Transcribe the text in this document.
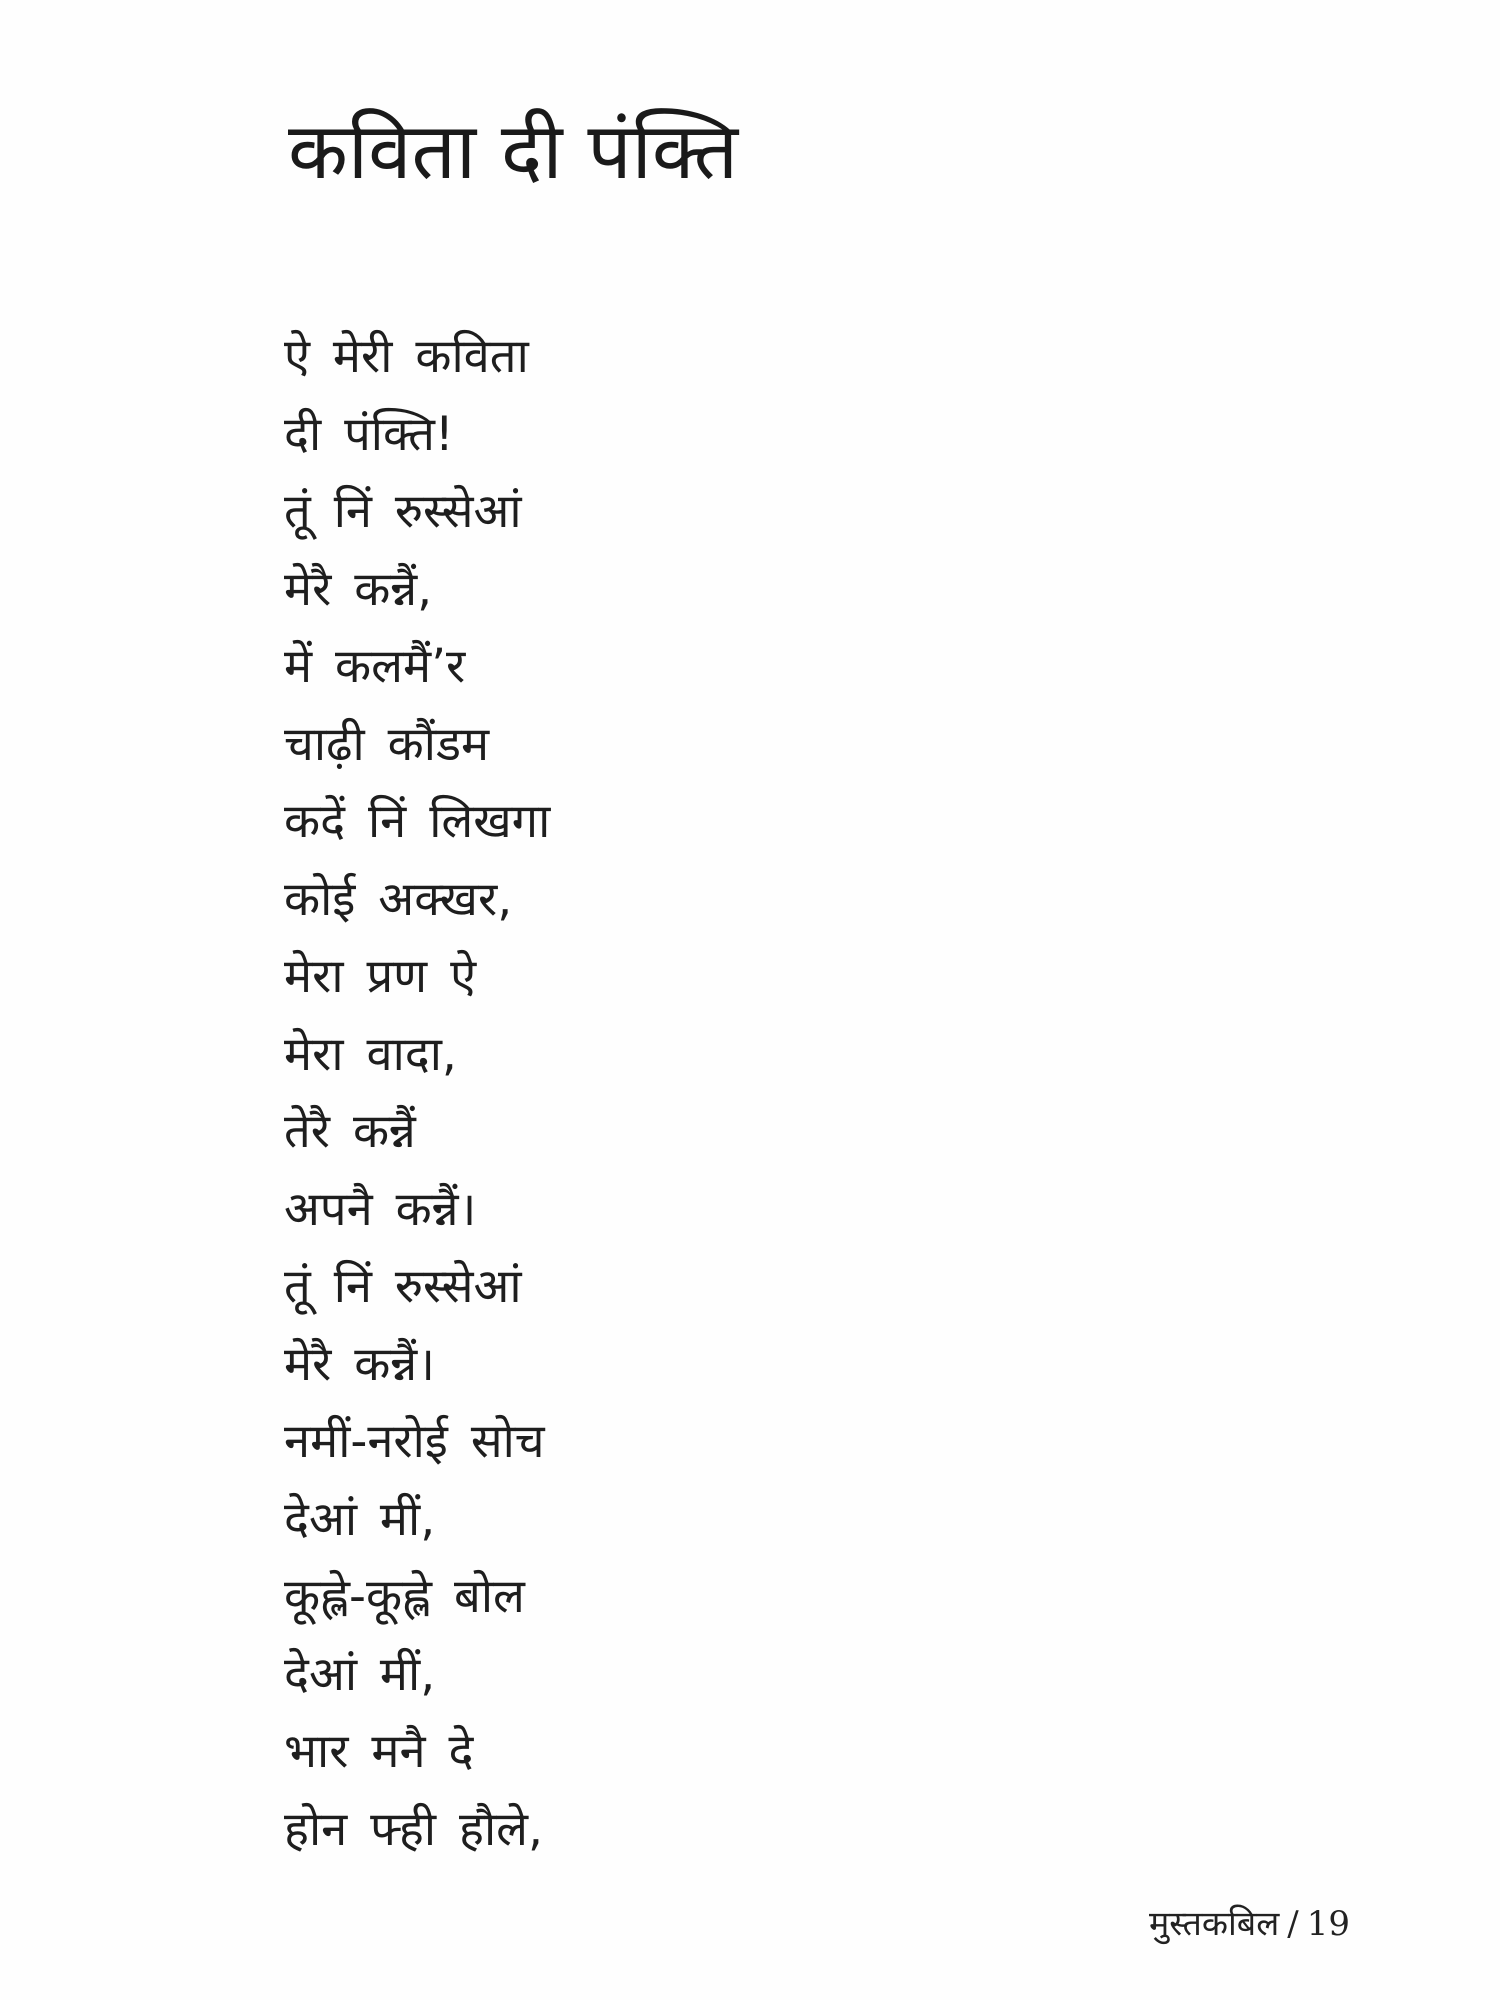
कविता दी पंक्ति
ऐ मेरी कविता
दी पंक्ति!
तूं निं रुस्सेआं
मेरै कन्नैं,
में कलमैं’र
चाढ़ी कौंडम
कदें निं लिखगा
कोई अक्खर,
मेरा प्रण ऐ
मेरा वादा,
तेरै कन्नैं
अपनै कन्नैं।
तूं निं रुस्सेआं
मेरै कन्नैं।
नमीं-नरोई सोच
देआं मीं,
कूह्ले-कूह्ले बोल
देआं मीं,
भार मनै दे
होन फ्ही हौले,
मुस्तकबिल / 19
